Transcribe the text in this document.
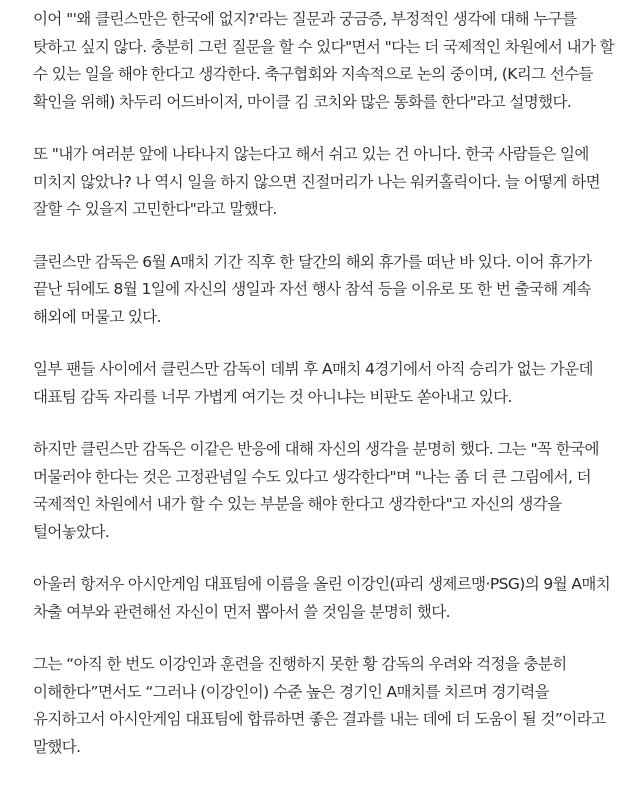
이어 "'왜 클린스만은 한국에 없지?'라는 질문과 궁금증, 부정적인 생각에 대해 누구를 탓하고 싶지 않다. 충분히 그런 질문을 할 수 있다"면서 "다는 더 국제적인 차원에서 내가 할 수 있는 일을 해야 한다고 생각한다. 축구협회와 지속적으로 논의 중이며, (K리그 선수들 확인을 위해) 차두리 어드바이저, 마이클 김 코치와 많은 통화를 한다"라고 설명했다.

또 "내가 여러분 앞에 나타나지 않는다고 해서 쉬고 있는 건 아니다. 한국 사람들은 일에 미치지 않았나? 나 역시 일을 하지 않으면 진절머리가 나는 워커홀릭이다. 늘 어떻게 하면 잘할 수 있을지 고민한다"라고 말했다.

클린스만 감독은 6월 A매치 기간 직후 한 달간의 해외 휴가를 떠난 바 있다. 이어 휴가가 끝난 뒤에도 8월 1일에 자신의 생일과 자선 행사 참석 등을 이유로 또 한 번 출국해 계속 해외에 머물고 있다.

일부 팬들 사이에서 클린스만 감독이 데뷔 후 A매치 4경기에서 아직 승리가 없는 가운데 대표팀 감독 자리를 너무 가볍게 여기는 것 아니냐는 비판도 쏟아내고 있다.

하지만 클린스만 감독은 이같은 반응에 대해 자신의 생각을 분명히 했다. 그는 "꼭 한국에 머물러야 한다는 것은 고정관념일 수도 있다고 생각한다"며 "나는 좀 더 큰 그림에서, 더 국제적인 차원에서 내가 할 수 있는 부분을 해야 한다고 생각한다"고 자신의 생각을 털어놓았다.

아울러 항저우 아시안게임 대표팀에 이름을 올린 이강인(파리 생제르맹·PSG)의 9월 A매치 차출 여부와 관련해선 자신이 먼저 뽑아서 쓸 것임을 분명히 했다.

그는 “아직 한 번도 이강인과 훈련을 진행하지 못한 황 감독의 우려와 걱정을 충분히 이해한다”면서도 “그러나 (이강인이) 수준 높은 경기인 A매치를 치르며 경기력을 유지하고서 아시안게임 대표팀에 합류하면 좋은 결과를 내는 데에 더 도움이 될 것”이라고 말했다.
